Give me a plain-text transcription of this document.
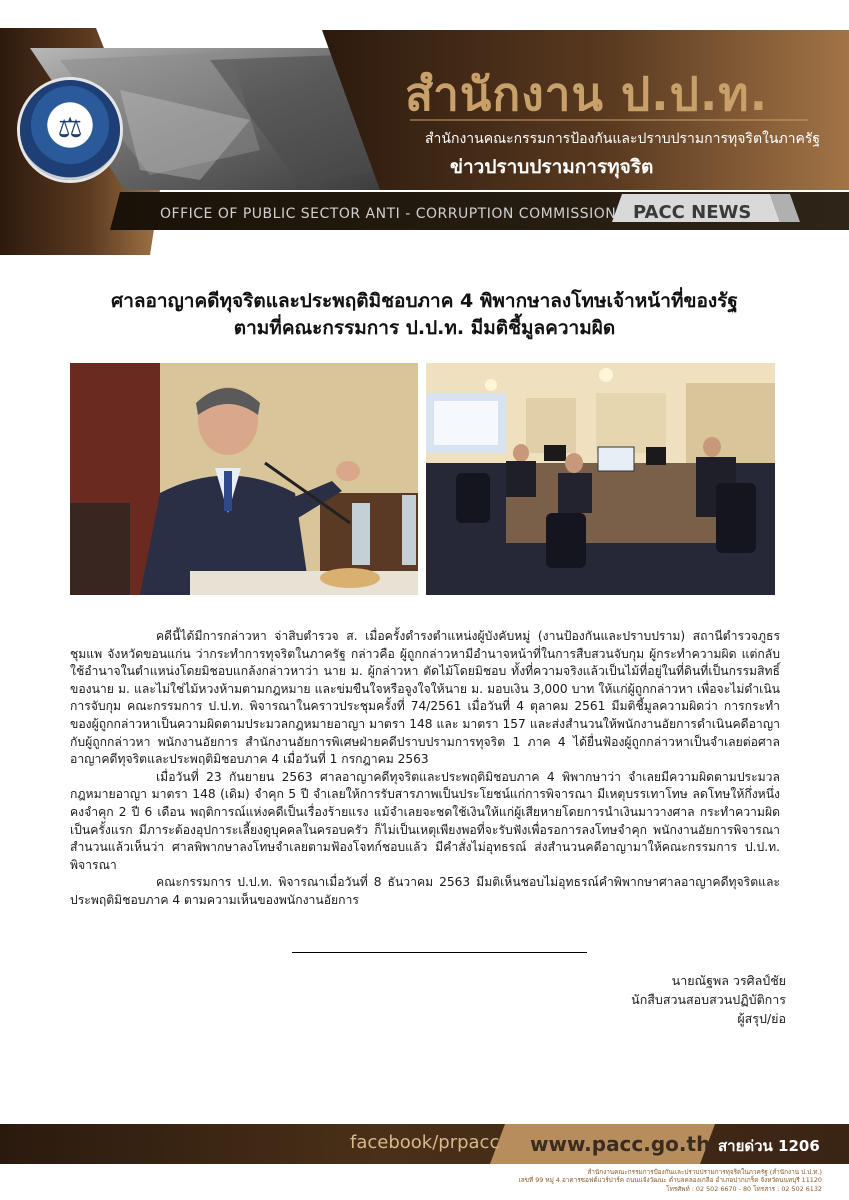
⚖
สำนักงาน ป.ป.ท.
สำนักงานคณะกรรมการป้องกันและปราบปรามการทุจริตในภาครัฐ
ข่าวปราบปรามการทุจริต
OFFICE OF PUBLIC SECTOR ANTI - CORRUPTION COMMISSION PACC NEWS
ศาลอาญาคดีทุจริตและประพฤติมิชอบภาค 4 พิพากษาลงโทษเจ้าหน้าที่ของรัฐ
ตามที่คณะกรรมการ ป.ป.ท. มีมติชี้มูลความผิด

คดีนี้ได้มีการกล่าวหา จ่าสิบตำรวจ ส. เมื่อครั้งดำรงตำแหน่งผู้บังคับหมู่ (งานป้องกันและปราบปราม) สถานีตำรวจภูธรชุมแพ จังหวัดขอนแก่น ว่ากระทำการทุจริตในภาครัฐ กล่าวคือ ผู้ถูกกล่าวหามีอำนาจหน้าที่ในการสืบสวนจับกุม ผู้กระทำความผิด แต่กลับใช้อำนาจในตำแหน่งโดยมิชอบแกล้งกล่าวหาว่า นาย ม. ผู้กล่าวหา ตัดไม้โดยมิชอบ ทั้งที่ความจริงแล้วเป็นไม้ที่อยู่ในที่ดินที่เป็นกรรมสิทธิ์ของนาย ม. และไม่ใช่ไม้หวงห้ามตามกฎหมาย และข่มขืนใจหรือจูงใจให้นาย ม. มอบเงิน 3,000 บาท ให้แก่ผู้ถูกกล่าวหา เพื่อจะไม่ดำเนินการจับกุม คณะกรรมการ ป.ป.ท. พิจารณาในคราวประชุมครั้งที่ 74/2561 เมื่อวันที่ 4 ตุลาคม 2561 มีมติชี้มูลความผิดว่า การกระทำของผู้ถูกกล่าวหาเป็นความผิดตามประมวลกฎหมายอาญา มาตรา 148 และ มาตรา 157 และส่งสำนวนให้พนักงานอัยการดำเนินคดีอาญากับผู้ถูกกล่าวหา พนักงานอัยการ สำนักงานอัยการพิเศษฝ่ายคดีปราบปรามการทุจริต 1 ภาค 4 ได้ยื่นฟ้องผู้ถูกกล่าวหาเป็นจำเลยต่อศาลอาญาคดีทุจริตและประพฤติมิชอบภาค 4 เมื่อวันที่ 1 กรกฎาคม 2563

เมื่อวันที่ 23 กันยายน 2563 ศาลอาญาคดีทุจริตและประพฤติมิชอบภาค 4 พิพากษาว่า จำเลยมีความผิดตามประมวลกฎหมายอาญา มาตรา 148 (เดิม) จำคุก 5 ปี จำเลยให้การรับสารภาพเป็นประโยชน์แก่การพิจารณา มีเหตุบรรเทาโทษ ลดโทษให้กึ่งหนึ่ง คงจำคุก 2 ปี 6 เดือน พฤติการณ์แห่งคดีเป็นเรื่องร้ายแรง แม้จำเลยจะชดใช้เงินให้แก่ผู้เสียหายโดยการนำเงินมาวางศาล กระทำความผิดเป็นครั้งแรก มีภาระต้องอุปการะเลี้ยงดูบุคคลในครอบครัว ก็ไม่เป็นเหตุเพียงพอที่จะรับฟังเพื่อรอการลงโทษจำคุก พนักงานอัยการพิจารณาสำนวนแล้วเห็นว่า ศาลพิพากษาลงโทษจำเลยตามฟ้องโจทก์ชอบแล้ว มีคำสั่งไม่อุทธรณ์ ส่งสำนวนคดีอาญามาให้คณะกรรมการ ป.ป.ท. พิจารณา

คณะกรรมการ ป.ป.ท. พิจารณาเมื่อวันที่ 8 ธันวาคม 2563 มีมติเห็นชอบไม่อุทธรณ์คำพิพากษาศาลอาญาคดีทุจริตและประพฤติมิชอบภาค 4 ตามความเห็นของพนักงานอัยการ

นายณัฐพล วรศิลป์ชัย
นักสืบสวนสอบสวนปฏิบัติการ
ผู้สรุป/ย่อ
facebook/prpacc www.pacc.go.th สายด่วน 1206
สำนักงานคณะกรรมการป้องกันและปราบปรามการทุจริตในภาครัฐ (สำนักงาน ป.ป.ท.)
เลขที่ 99 หมู่ 4 อาคารซอฟต์แวร์ปาร์ค ถนนแจ้งวัฒนะ ตำบลคลองเกลือ อำเภอปากเกร็ด จังหวัดนนทบุรี 11120
โทรศัพท์ : 02 502 6670 - 80 โทรสาร : 02 502 6132
